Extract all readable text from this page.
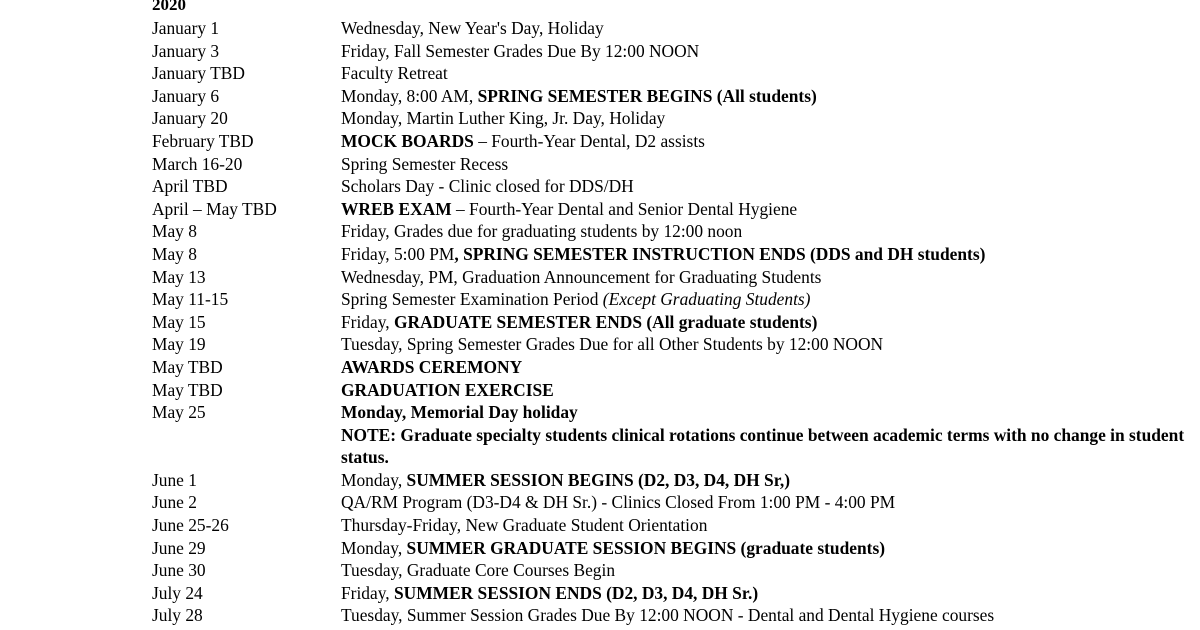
2020
January 1	Wednesday, New Year's Day, Holiday
January 3	Friday, Fall Semester Grades Due By 12:00 NOON
January TBD	Faculty Retreat
January 6	Monday, 8:00 AM, SPRING SEMESTER BEGINS (All students)
January 20	Monday, Martin Luther King, Jr. Day, Holiday
February TBD	MOCK BOARDS – Fourth-Year Dental, D2 assists
March 16-20	Spring Semester Recess
April TBD	Scholars Day - Clinic closed for DDS/DH
April – May TBD	WREB EXAM – Fourth-Year Dental and Senior Dental Hygiene
May 8	Friday, Grades due for graduating students by 12:00 noon
May 8	Friday, 5:00 PM, SPRING SEMESTER INSTRUCTION ENDS (DDS and DH students)
May 13	Wednesday, PM, Graduation Announcement for Graduating Students
May 11-15	Spring Semester Examination Period (Except Graduating Students)
May 15	Friday, GRADUATE SEMESTER ENDS (All graduate students)
May 19	Tuesday, Spring Semester Grades Due for all Other Students by 12:00 NOON
May TBD	AWARDS CEREMONY
May TBD	GRADUATION EXERCISE
May 25	Monday, Memorial Day holiday
NOTE: Graduate specialty students clinical rotations continue between academic terms with no change in student status.
June 1	Monday, SUMMER SESSION BEGINS (D2, D3, D4, DH Sr,)
June 2	QA/RM Program (D3-D4 & DH Sr.) - Clinics Closed From 1:00 PM - 4:00 PM
June 25-26	Thursday-Friday, New Graduate Student Orientation
June 29	Monday, SUMMER GRADUATE SESSION BEGINS (graduate students)
June 30	Tuesday, Graduate Core Courses Begin
July 24	Friday, SUMMER SESSION ENDS (D2, D3, D4, DH Sr.)
July 28	Tuesday, Summer Session Grades Due By 12:00 NOON - Dental and Dental Hygiene courses
